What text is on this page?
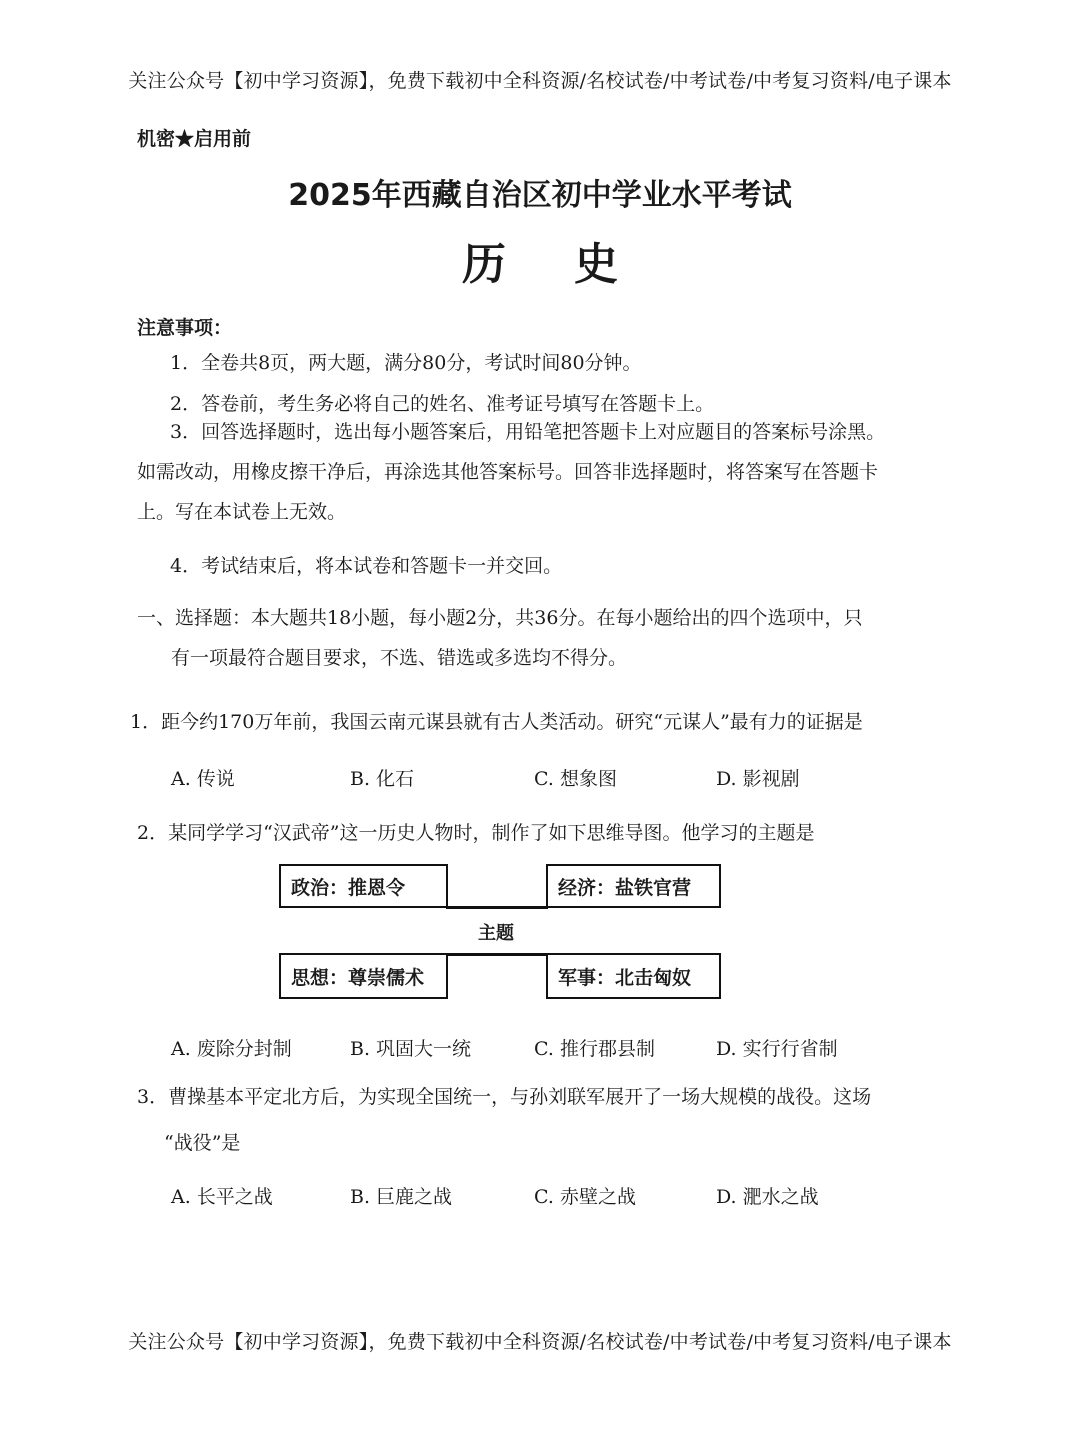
关注公众号【初中学习资源】，免费下载初中全科资源/名校试卷/中考试卷/中考复习资料/电子课本
机密★启用前
2025年西藏自治区初中学业水平考试
历史
注意事项：
1．全卷共8页，两大题，满分80分，考试时间80分钟。
2．答卷前，考生务必将自己的姓名、准考证号填写在答题卡上。
3．回答选择题时，选出每小题答案后，用铅笔把答题卡上对应题目的答案标号涂黑。
如需改动，用橡皮擦干净后，再涂选其他答案标号。回答非选择题时，将答案写在答题卡
上。写在本试卷上无效。
4．考试结束后，将本试卷和答题卡一并交回。
一、选择题：本大题共18小题，每小题2分，共36分。在每小题给出的四个选项中，只
有一项最符合题目要求，不选、错选或多选均不得分。
1．距今约170万年前，我国云南元谋县就有古人类活动。研究“元谋人”最有力的证据是
A. 传说	B. 化石	C. 想象图	D. 影视剧
2．某同学学习“汉武帝”这一历史人物时，制作了如下思维导图。他学习的主题是
政治：推恩令	经济：盐铁官营
思想：尊崇儒术	军事：北击匈奴
主题
A. 废除分封制	B. 巩固大一统	C. 推行郡县制	D. 实行行省制
3．曹操基本平定北方后，为实现全国统一，与孙刘联军展开了一场大规模的战役。这场
“战役”是
A. 长平之战	B. 巨鹿之战	C. 赤壁之战	D. 淝水之战
关注公众号【初中学习资源】，免费下载初中全科资源/名校试卷/中考试卷/中考复习资料/电子课本
